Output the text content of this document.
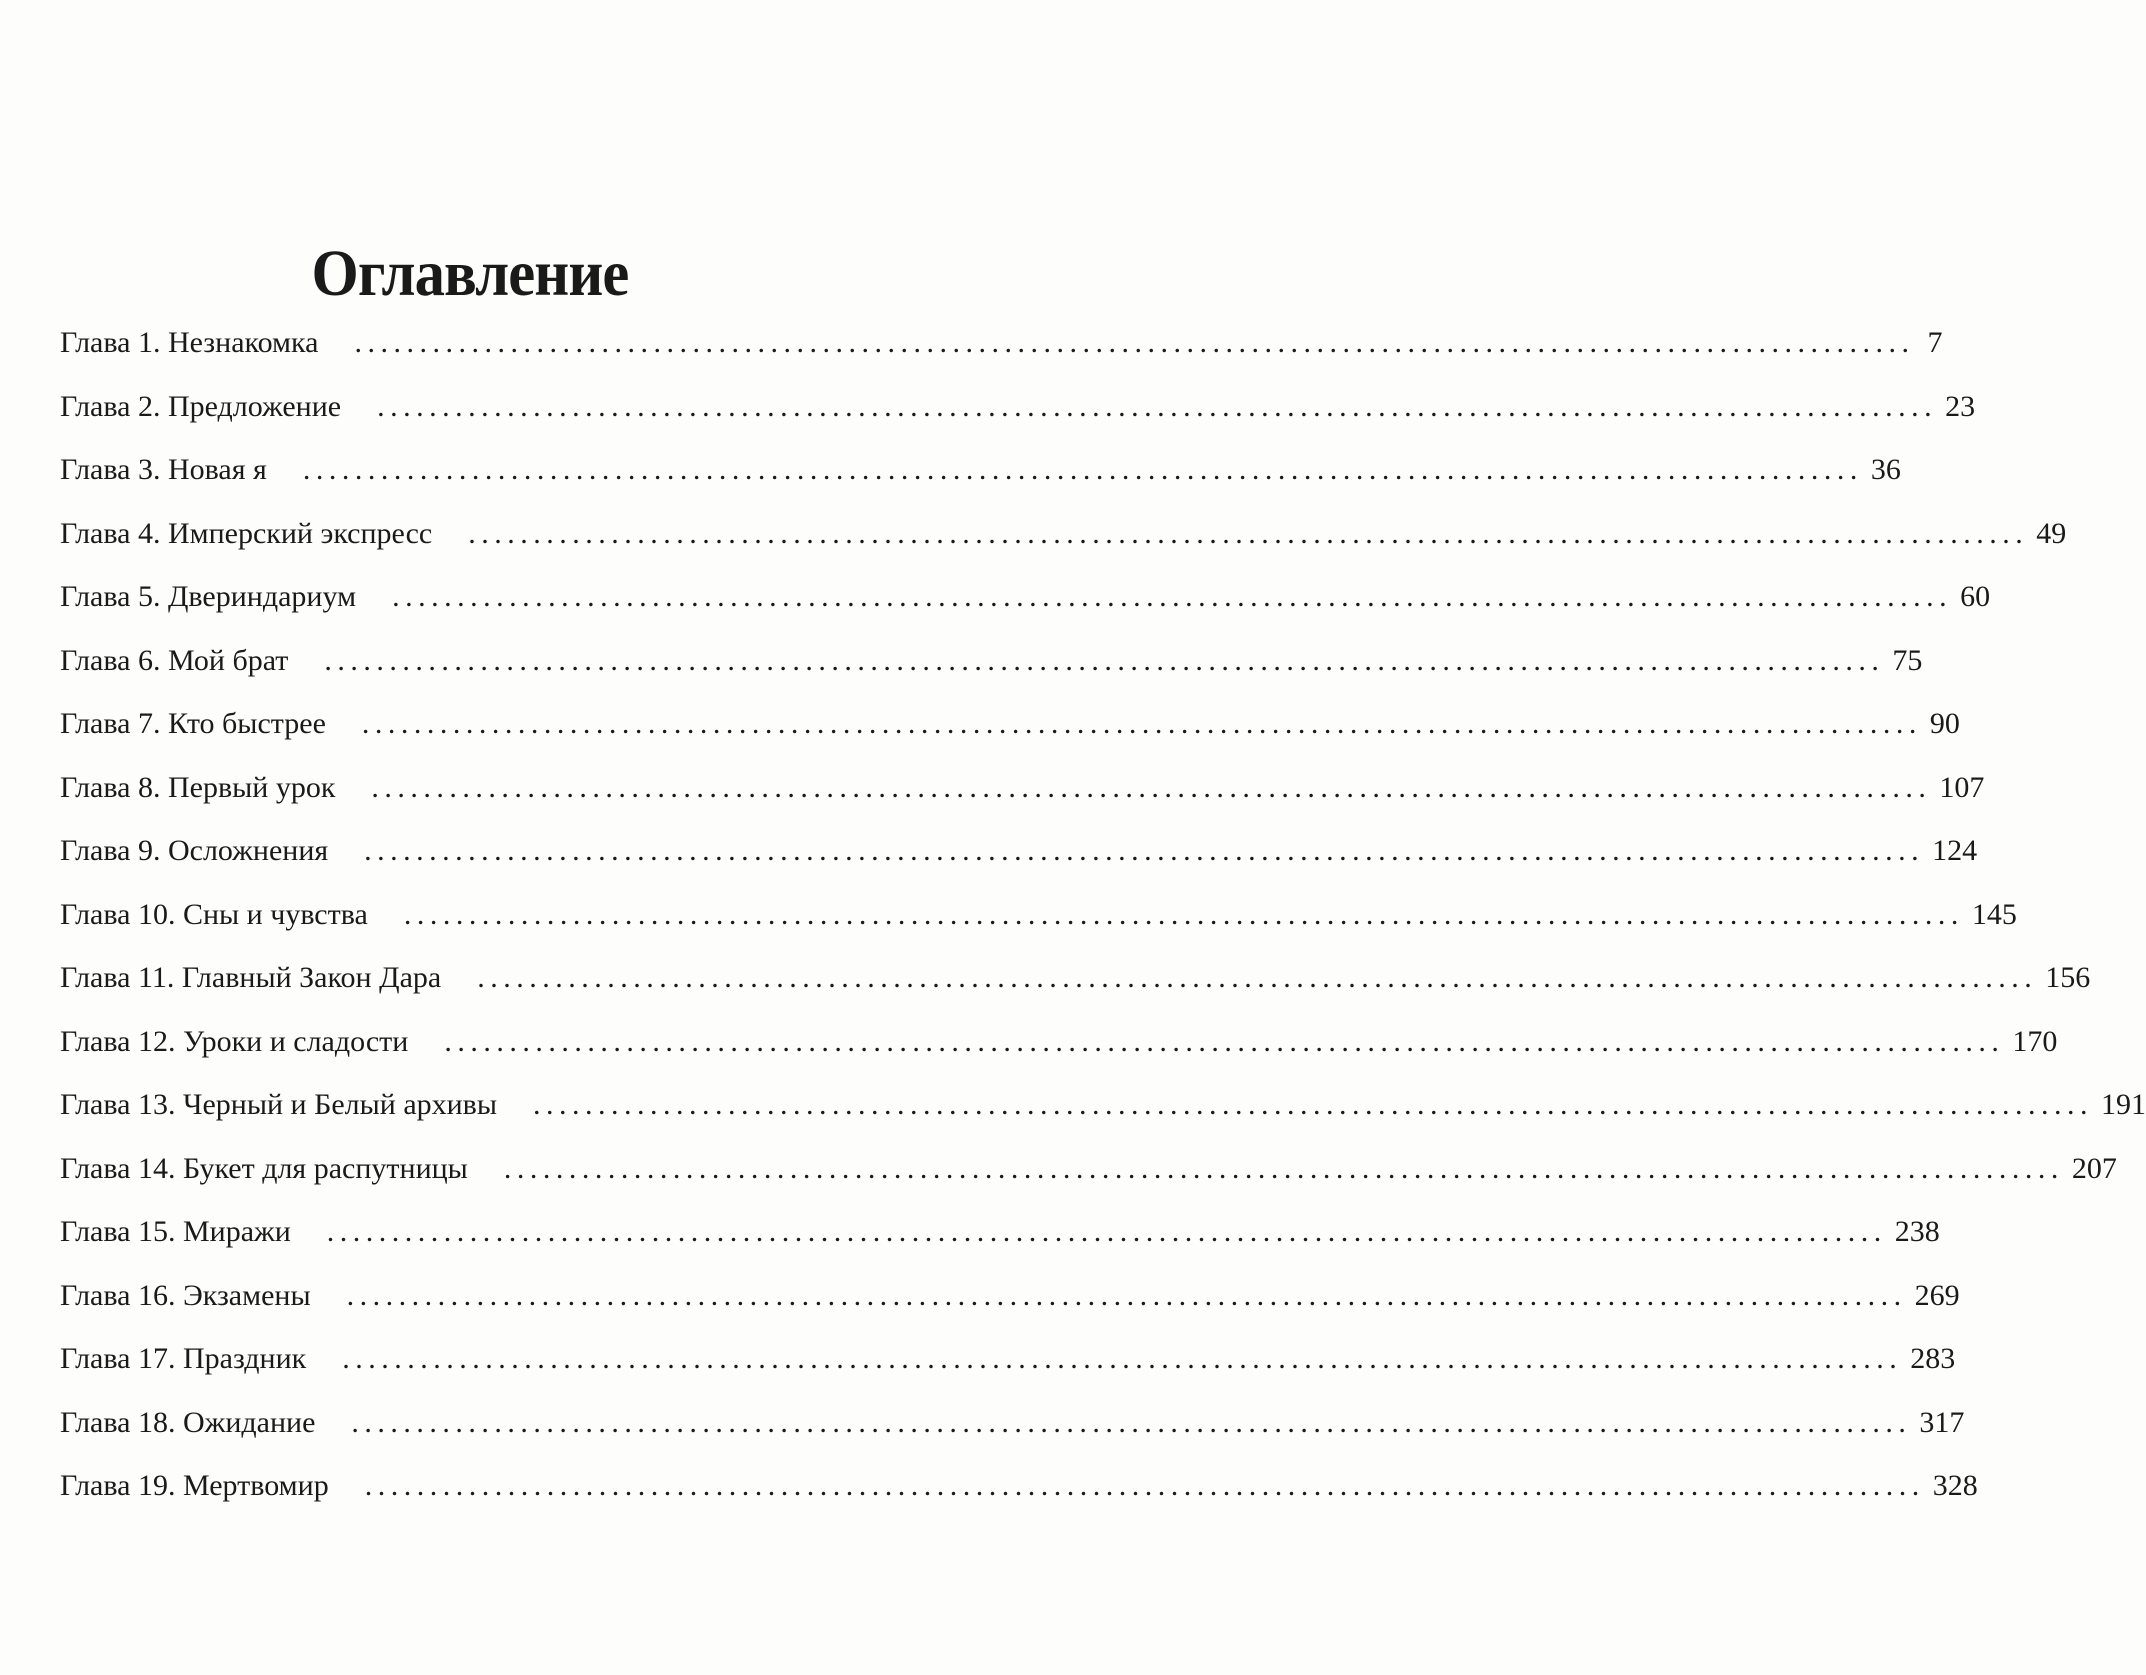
Оглавление
Глава 1. Незнакомка ........................................................................................................................ 7
Глава 2. Предложение ........................................................................................................................ 23
Глава 3. Новая я ........................................................................................................................ 36
Глава 4. Имперский экспресс ........................................................................................................................ 49
Глава 5. Двериндариум ........................................................................................................................ 60
Глава 6. Мой брат ........................................................................................................................ 75
Глава 7. Кто быстрее ........................................................................................................................ 90
Глава 8. Первый урок ........................................................................................................................ 107
Глава 9. Осложнения ........................................................................................................................ 124
Глава 10. Сны и чувства ........................................................................................................................ 145
Глава 11. Главный Закон Дара ........................................................................................................................ 156
Глава 12. Уроки и сладости ........................................................................................................................ 170
Глава 13. Черный и Белый архивы ........................................................................................................................ 191
Глава 14. Букет для распутницы ........................................................................................................................ 207
Глава 15. Миражи ........................................................................................................................ 238
Глава 16. Экзамены ........................................................................................................................ 269
Глава 17. Праздник ........................................................................................................................ 283
Глава 18. Ожидание ........................................................................................................................ 317
Глава 19. Мертвомир ........................................................................................................................ 328
